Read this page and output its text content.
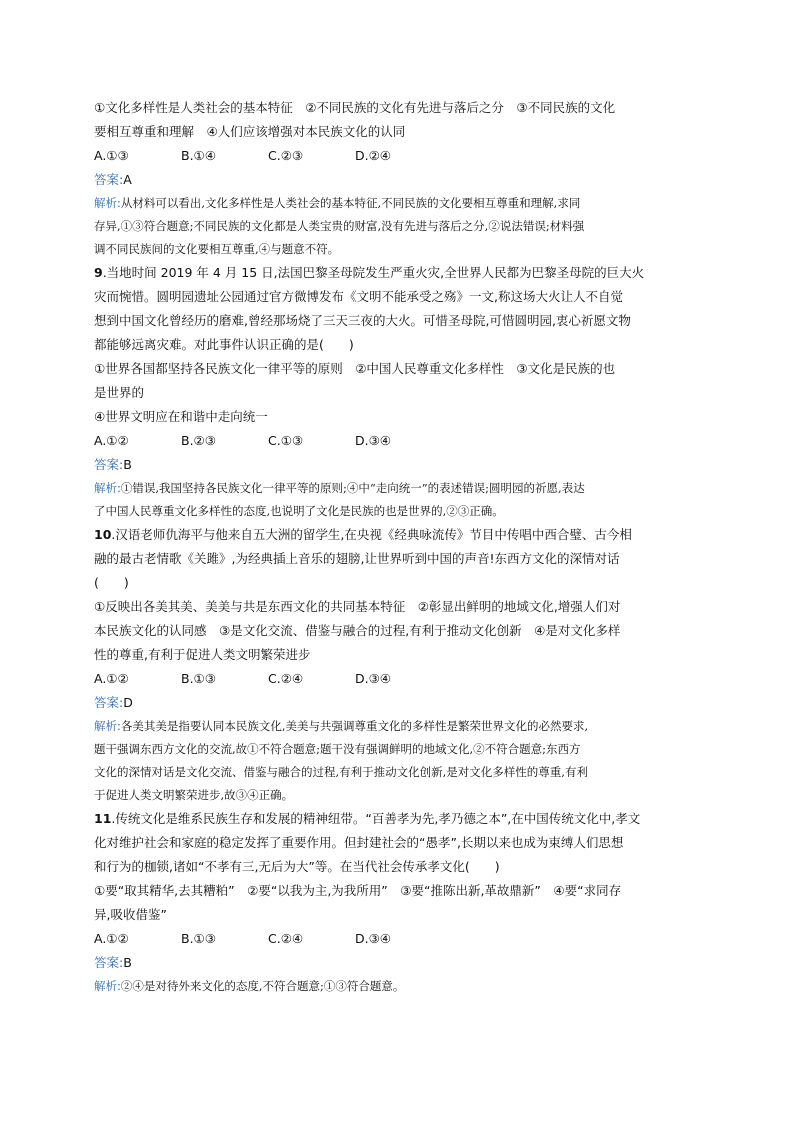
①文化多样性是人类社会的基本特征　②不同民族的文化有先进与落后之分　③不同民族的文化
要相互尊重和理解　④人们应该增强对本民族文化的认同
A.①③	B.①④	C.②③	D.②④
答案:A
解析:从材料可以看出,文化多样性是人类社会的基本特征,不同民族的文化要相互尊重和理解,求同
存异,①③符合题意;不同民族的文化都是人类宝贵的财富,没有先进与落后之分,②说法错误;材料强
调不同民族间的文化要相互尊重,④与题意不符。
9.当地时间 2019 年 4 月 15 日,法国巴黎圣母院发生严重火灾,全世界人民都为巴黎圣母院的巨大火
灾而惋惜。圆明园遗址公园通过官方微博发布《文明不能承受之殇》一文,称这场大火让人不自觉
想到中国文化曾经历的磨难,曾经那场烧了三天三夜的大火。可惜圣母院,可惜圆明园,衷心祈愿文物
都能够远离灾难。对此事件认识正确的是(　　)
①世界各国都坚持各民族文化一律平等的原则　②中国人民尊重文化多样性　③文化是民族的也
是世界的
④世界文明应在和谐中走向统一
A.①②	B.②③	C.①③	D.③④
答案:B
解析:①错误,我国坚持各民族文化一律平等的原则;④中“走向统一”的表述错误;圆明园的祈愿,表达
了中国人民尊重文化多样性的态度,也说明了文化是民族的也是世界的,②③正确。
10.汉语老师仇海平与他来自五大洲的留学生,在央视《经典咏流传》节目中传唱中西合璧、古今相
融的最古老情歌《关雎》,为经典插上音乐的翅膀,让世界听到中国的声音!东西方文化的深情对话
(　　)
①反映出各美其美、美美与共是东西文化的共同基本特征　②彰显出鲜明的地域文化,增强人们对
本民族文化的认同感　③是文化交流、借鉴与融合的过程,有利于推动文化创新　④是对文化多样
性的尊重,有利于促进人类文明繁荣进步
A.①②	B.①③	C.②④	D.③④
答案:D
解析:各美其美是指要认同本民族文化,美美与共强调尊重文化的多样性是繁荣世界文化的必然要求,
题干强调东西方文化的交流,故①不符合题意;题干没有强调鲜明的地域文化,②不符合题意;东西方
文化的深情对话是文化交流、借鉴与融合的过程,有利于推动文化创新,是对文化多样性的尊重,有利
于促进人类文明繁荣进步,故③④正确。
11.传统文化是维系民族生存和发展的精神纽带。“百善孝为先,孝乃德之本”,在中国传统文化中,孝文
化对维护社会和家庭的稳定发挥了重要作用。但封建社会的“愚孝”,长期以来也成为束缚人们思想
和行为的枷锁,诸如“不孝有三,无后为大”等。在当代社会传承孝文化(　　)
①要“取其精华,去其糟粕”　②要“以我为主,为我所用”　③要“推陈出新,革故鼎新”　④要“求同存
异,吸收借鉴”
A.①②	B.①③	C.②④	D.③④
答案:B
解析:②④是对待外来文化的态度,不符合题意;①③符合题意。
